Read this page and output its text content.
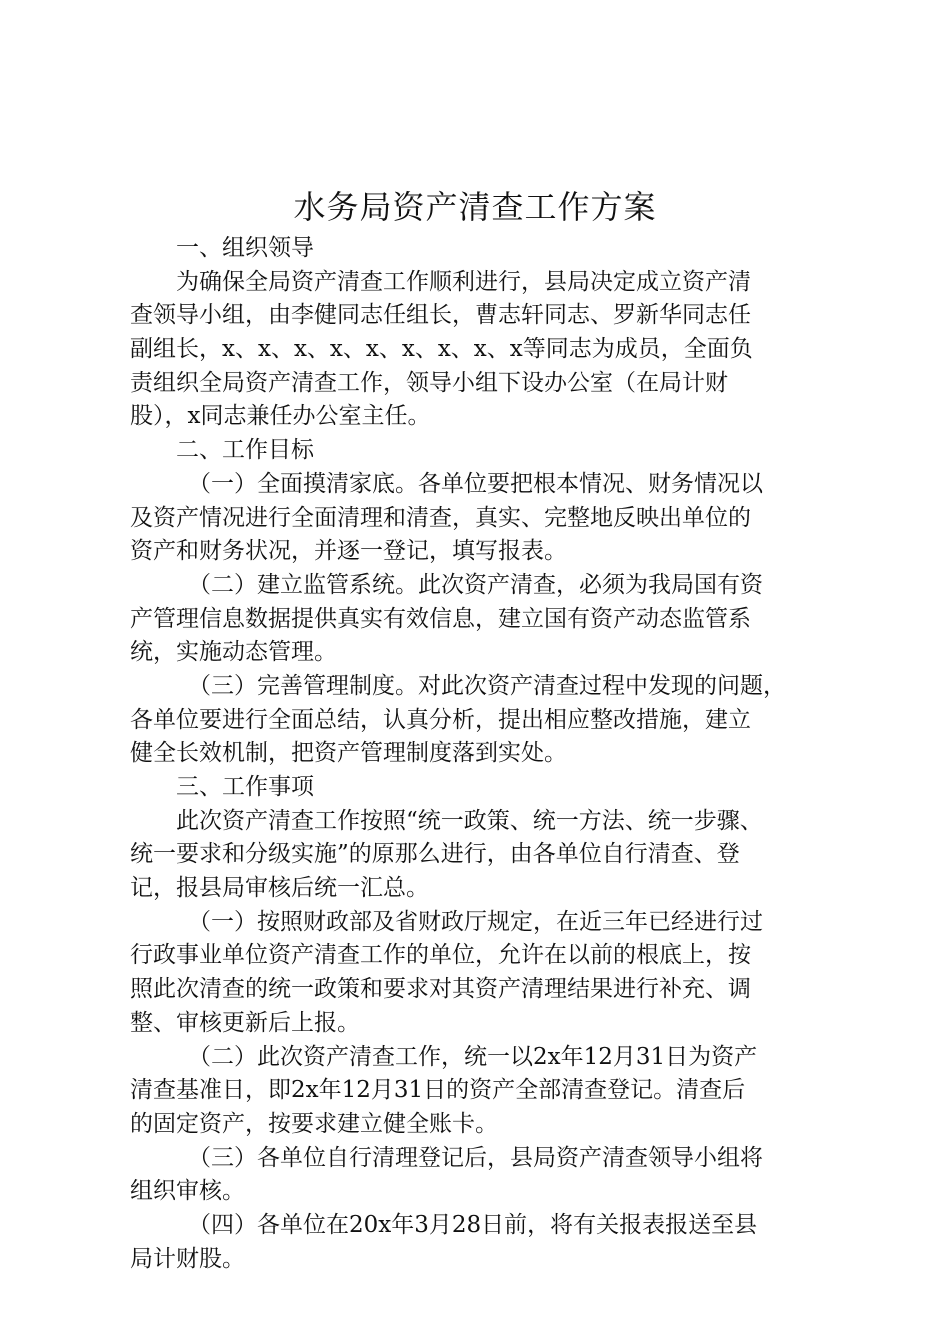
水务局资产清查工作方案
一、组织领导
为确保全局资产清查工作顺利进行，县局决定成立资产清
查领导小组，由李健同志任组长，曹志轩同志、罗新华同志任
副组长，x、x、x、x、x、x、x、x、x等同志为成员，全面负
责组织全局资产清查工作，领导小组下设办公室（在局计财
股），x同志兼任办公室主任。
二、工作目标
（一）全面摸清家底。各单位要把根本情况、财务情况以
及资产情况进行全面清理和清查，真实、完整地反映出单位的
资产和财务状况，并逐一登记，填写报表。
（二）建立监管系统。此次资产清查，必须为我局国有资
产管理信息数据提供真实有效信息，建立国有资产动态监管系
统，实施动态管理。
（三）完善管理制度。对此次资产清查过程中发现的问题，
各单位要进行全面总结，认真分析，提出相应整改措施，建立
健全长效机制，把资产管理制度落到实处。
三、工作事项
此次资产清查工作按照“统一政策、统一方法、统一步骤、
统一要求和分级实施”的原那么进行，由各单位自行清查、登
记，报县局审核后统一汇总。
（一）按照财政部及省财政厅规定，在近三年已经进行过
行政事业单位资产清查工作的单位，允许在以前的根底上，按
照此次清查的统一政策和要求对其资产清理结果进行补充、调
整、审核更新后上报。
（二）此次资产清查工作，统一以2x年12月31日为资产
清查基准日，即2x年12月31日的资产全部清查登记。清查后
的固定资产，按要求建立健全账卡。
（三）各单位自行清理登记后，县局资产清查领导小组将
组织审核。
（四）各单位在20x年3月28日前，将有关报表报送至县
局计财股。
